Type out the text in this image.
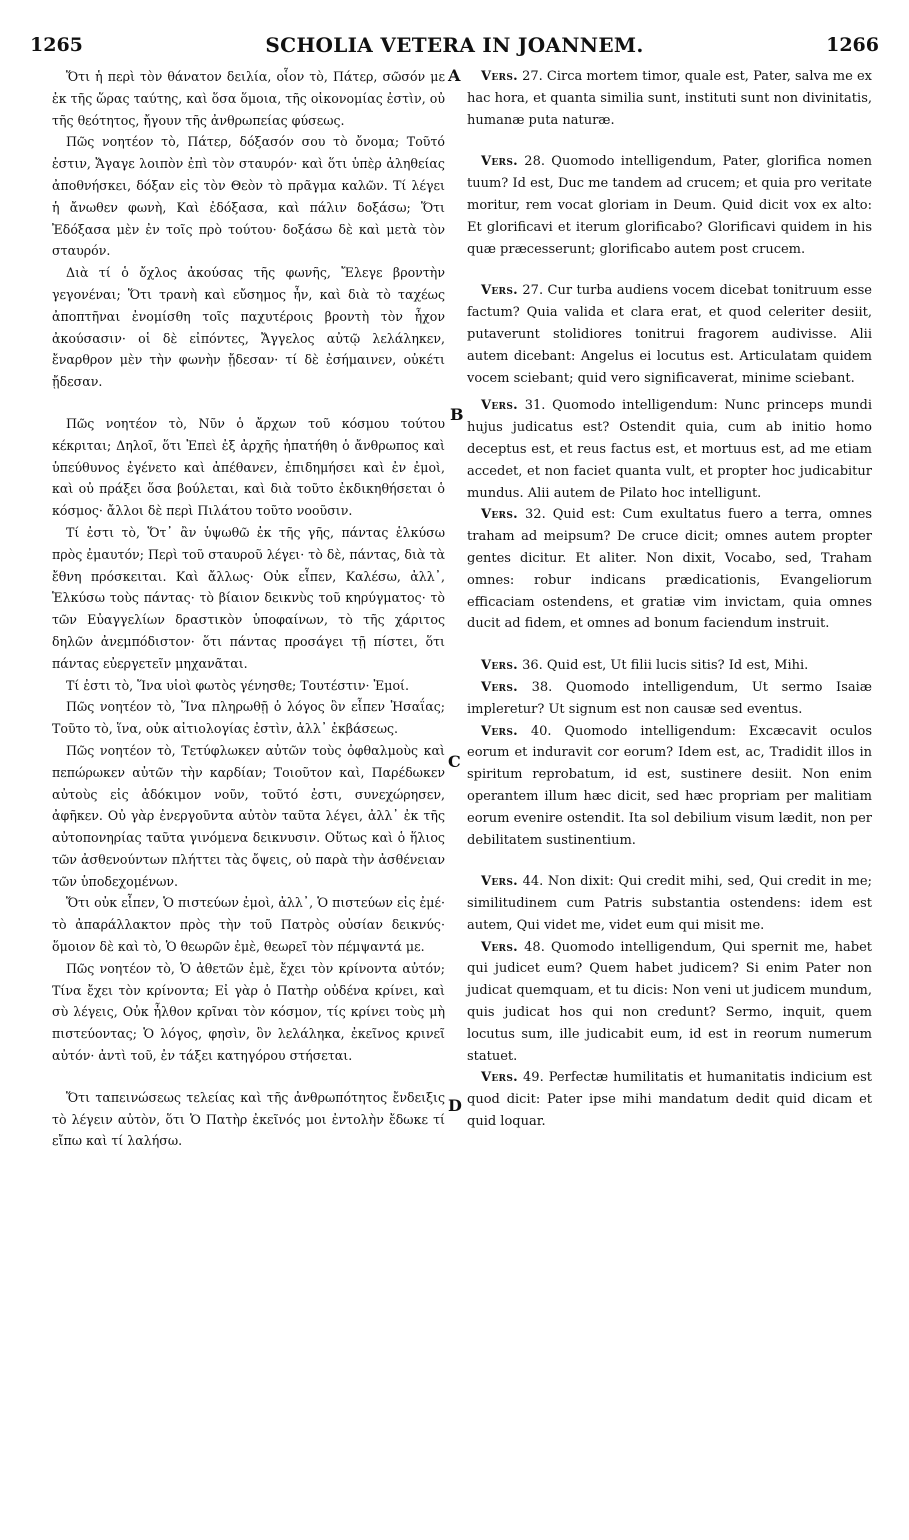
1265	SCHOLIA VETERA IN JOANNEM.	1266

Ὅτι ἡ περὶ τὸν θάνατον δειλία, οἷον τὸ, Πάτερ, σῶσόν με ἐκ τῆς ὥρας ταύτης, καὶ ὅσα ὅμοια, τῆς οἰκονομίας ἐστὶν, οὐ τῆς θεότητος, ἤγουν τῆς ἀνθρωπείας φύσεως.

Πῶς νοητέον τὸ, Πάτερ, δόξασόν σου τὸ ὄνομα; Τοῦτό ἐστιν, Ἄγαγε λοιπὸν ἐπὶ τὸν σταυρόν· καὶ ὅτι ὑπὲρ ἀληθείας ἀποθνήσκει, δόξαν εἰς τὸν Θεὸν τὸ πρᾶγμα καλῶν. Τί λέγει ἡ ἄνωθεν φωνὴ, Καὶ ἐδόξασα, καὶ πάλιν δοξάσω; Ὅτι Ἐδόξασα μὲν ἐν τοῖς πρὸ τούτου· δοξάσω δὲ καὶ μετὰ τὸν σταυρόν.

Διὰ τί ὁ ὄχλος ἀκούσας τῆς φωνῆς, Ἔλεγε βροντὴν γεγονέναι; Ὅτι τρανὴ καὶ εὔσημος ἦν, καὶ διὰ τὸ ταχέως ἀποπτῆναι ἐνομίσθη τοῖς παχυτέροις βροντὴ τὸν ἦχον ἀκούσασιν· οἱ δὲ εἰπόντες, Ἄγγελος αὐτῷ λελάληκεν, ἔναρθρον μὲν τὴν φωνὴν ᾔδεσαν· τί δὲ ἐσήμαινεν, οὐκέτι ᾔδεσαν.

Πῶς νοητέον τὸ, Νῦν ὁ ἄρχων τοῦ κόσμου τούτου κέκριται; Δηλοῖ, ὅτι Ἐπεὶ ἐξ ἀρχῆς ἠπατήθη ὁ ἄνθρωπος καὶ ὑπεύθυνος ἐγένετο καὶ ἀπέθανεν, ἐπιδημήσει καὶ ἐν ἐμοὶ, καὶ οὐ πράξει ὅσα βούλεται, καὶ διὰ τοῦτο ἐκδικηθήσεται ὁ κόσμος· ἄλλοι δὲ περὶ Πιλάτου τοῦτο νοοῦσιν.

Τί ἐστι τὸ, Ὅτ᾽ ἂν ὑψωθῶ ἐκ τῆς γῆς, πάντας ἑλκύσω πρὸς ἐμαυτόν; Περὶ τοῦ σταυροῦ λέγει· τὸ δὲ, πάντας, διὰ τὰ ἔθνη πρόσκειται. Καὶ ἄλλως· Οὐκ εἶπεν, Καλέσω, ἀλλ᾽, Ἑλκύσω τοὺς πάντας· τὸ βίαιον δεικνὺς τοῦ κηρύγματος· τὸ τῶν Εὐαγγελίων δραστικὸν ὑποφαίνων, τὸ τῆς χάριτος δηλῶν ἀνεμπόδιστον· ὅτι πάντας προσάγει τῇ πίστει, ὅτι πάντας εὐεργετεῖν μηχανᾶται.

Τί ἐστι τὸ, Ἵνα υἱοὶ φωτὸς γένησθε; Τουτέστιν· Ἐμοί.

Πῶς νοητέον τὸ, Ἵνα πληρωθῇ ὁ λόγος ὃν εἶπεν Ἡσαΐας; Τοῦτο τὸ, ἵνα, οὐκ αἰτιολογίας ἐστὶν, ἀλλ᾽ ἐκβάσεως.

Πῶς νοητέον τὸ, Τετύφλωκεν αὐτῶν τοὺς ὀφθαλμοὺς καὶ πεπώρωκεν αὐτῶν τὴν καρδίαν; Τοιοῦτον καὶ, Παρέδωκεν αὐτοὺς εἰς ἀδόκιμον νοῦν, τοῦτό ἐστι, συνεχώρησεν, ἀφῆκεν. Οὐ γὰρ ἐνεργοῦντα αὐτὸν ταῦτα λέγει, ἀλλ᾽ ἐκ τῆς αὐτοπονηρίας ταῦτα γινόμενα δεικνυσιν. Οὕτως καὶ ὁ ἥλιος τῶν ἀσθενούντων πλήττει τὰς ὄψεις, οὐ παρὰ τὴν ἀσθένειαν τῶν ὑποδεχομένων.

Ὅτι οὐκ εἶπεν, Ὁ πιστεύων ἐμοὶ, ἀλλ᾽, Ὁ πιστεύων εἰς ἐμέ· τὸ ἀπαράλλακτον πρὸς τὴν τοῦ Πατρὸς οὐσίαν δεικνύς· ὅμοιον δὲ καὶ τὸ, Ὁ θεωρῶν ἐμὲ, θεωρεῖ τὸν πέμψαντά με.

Πῶς νοητέον τὸ, Ὁ ἀθετῶν ἐμὲ, ἔχει τὸν κρίνοντα αὐτόν; Τίνα ἔχει τὸν κρίνοντα; Εἰ γὰρ ὁ Πατὴρ οὐδένα κρίνει, καὶ σὺ λέγεις, Οὐκ ἦλθον κρῖναι τὸν κόσμον, τίς κρίνει τοὺς μὴ πιστεύοντας; Ὁ λόγος, φησὶν, ὃν λελάληκα, ἐκεῖνος κρινεῖ αὐτόν· ἀντὶ τοῦ, ἐν τάξει κατηγόρου στήσεται.

Ὅτι ταπεινώσεως τελείας καὶ τῆς ἀνθρωπότητος ἔνδειξις τὸ λέγειν αὐτὸν, ὅτι Ὁ Πατὴρ ἐκεῖνός μοι ἐντολὴν ἔδωκε τί εἴπω καὶ τί λαλήσω.

A
B
C
D

Vers. 27. Circa mortem timor, quale est, Pater, salva me ex hac hora, et quanta similia sunt, instituti sunt non divinitatis, humanæ puta naturæ.

Vers. 28. Quomodo intelligendum, Pater, glorifica nomen tuum? Id est, Duc me tandem ad crucem; et quia pro veritate moritur, rem vocat gloriam in Deum. Quid dicit vox ex alto: Et glorificavi et iterum glorificabo? Glorificavi quidem in his quæ præcesserunt; glorificabo autem post crucem.

Vers. 27. Cur turba audiens vocem dicebat tonitruum esse factum? Quia valida et clara erat, et quod celeriter desiit, putaverunt stolidiores tonitrui fragorem audivisse. Alii autem dicebant: Angelus ei locutus est. Articulatam quidem vocem sciebant; quid vero significaverat, minime sciebant.

Vers. 31. Quomodo intelligendum: Nunc princeps mundi hujus judicatus est? Ostendit quia, cum ab initio homo deceptus est, et reus factus est, et mortuus est, ad me etiam accedet, et non faciet quanta vult, et propter hoc judicabitur mundus. Alii autem de Pilato hoc intelligunt.

Vers. 32. Quid est: Cum exultatus fuero a terra, omnes traham ad meipsum? De cruce dicit; omnes autem propter gentes dicitur. Et aliter. Non dixit, Vocabo, sed, Traham omnes: robur indicans prædicationis, Evangeliorum efficaciam ostendens, et gratiæ vim invictam, quia omnes ducit ad fidem, et omnes ad bonum faciendum instruit.

Vers. 36. Quid est, Ut filii lucis sitis? Id est, Mihi.

Vers. 38. Quomodo intelligendum, Ut sermo Isaiæ impleretur? Ut signum est non causæ sed eventus.

Vers. 40. Quomodo intelligendum: Excæcavit oculos eorum et induravit cor eorum? Idem est, ac, Tradidit illos in spiritum reprobatum, id est, sustinere desiit. Non enim operantem illum hæc dicit, sed hæc propriam per malitiam eorum evenire ostendit. Ita sol debilium visum lædit, non per debilitatem sustinentium.

Vers. 44. Non dixit: Qui credit mihi, sed, Qui credit in me; similitudinem cum Patris substantia ostendens: idem est autem, Qui videt me, videt eum qui misit me.

Vers. 48. Quomodo intelligendum, Qui spernit me, habet qui judicet eum? Quem habet judicem? Si enim Pater non judicat quemquam, et tu dicis: Non veni ut judicem mundum, quis judicat hos qui non credunt? Sermo, inquit, quem locutus sum, ille judicabit eum, id est in reorum numerum statuet.

Vers. 49. Perfectæ humilitatis et humanitatis indicium est quod dicit: Pater ipse mihi mandatum dedit quid dicam et quid loquar.
